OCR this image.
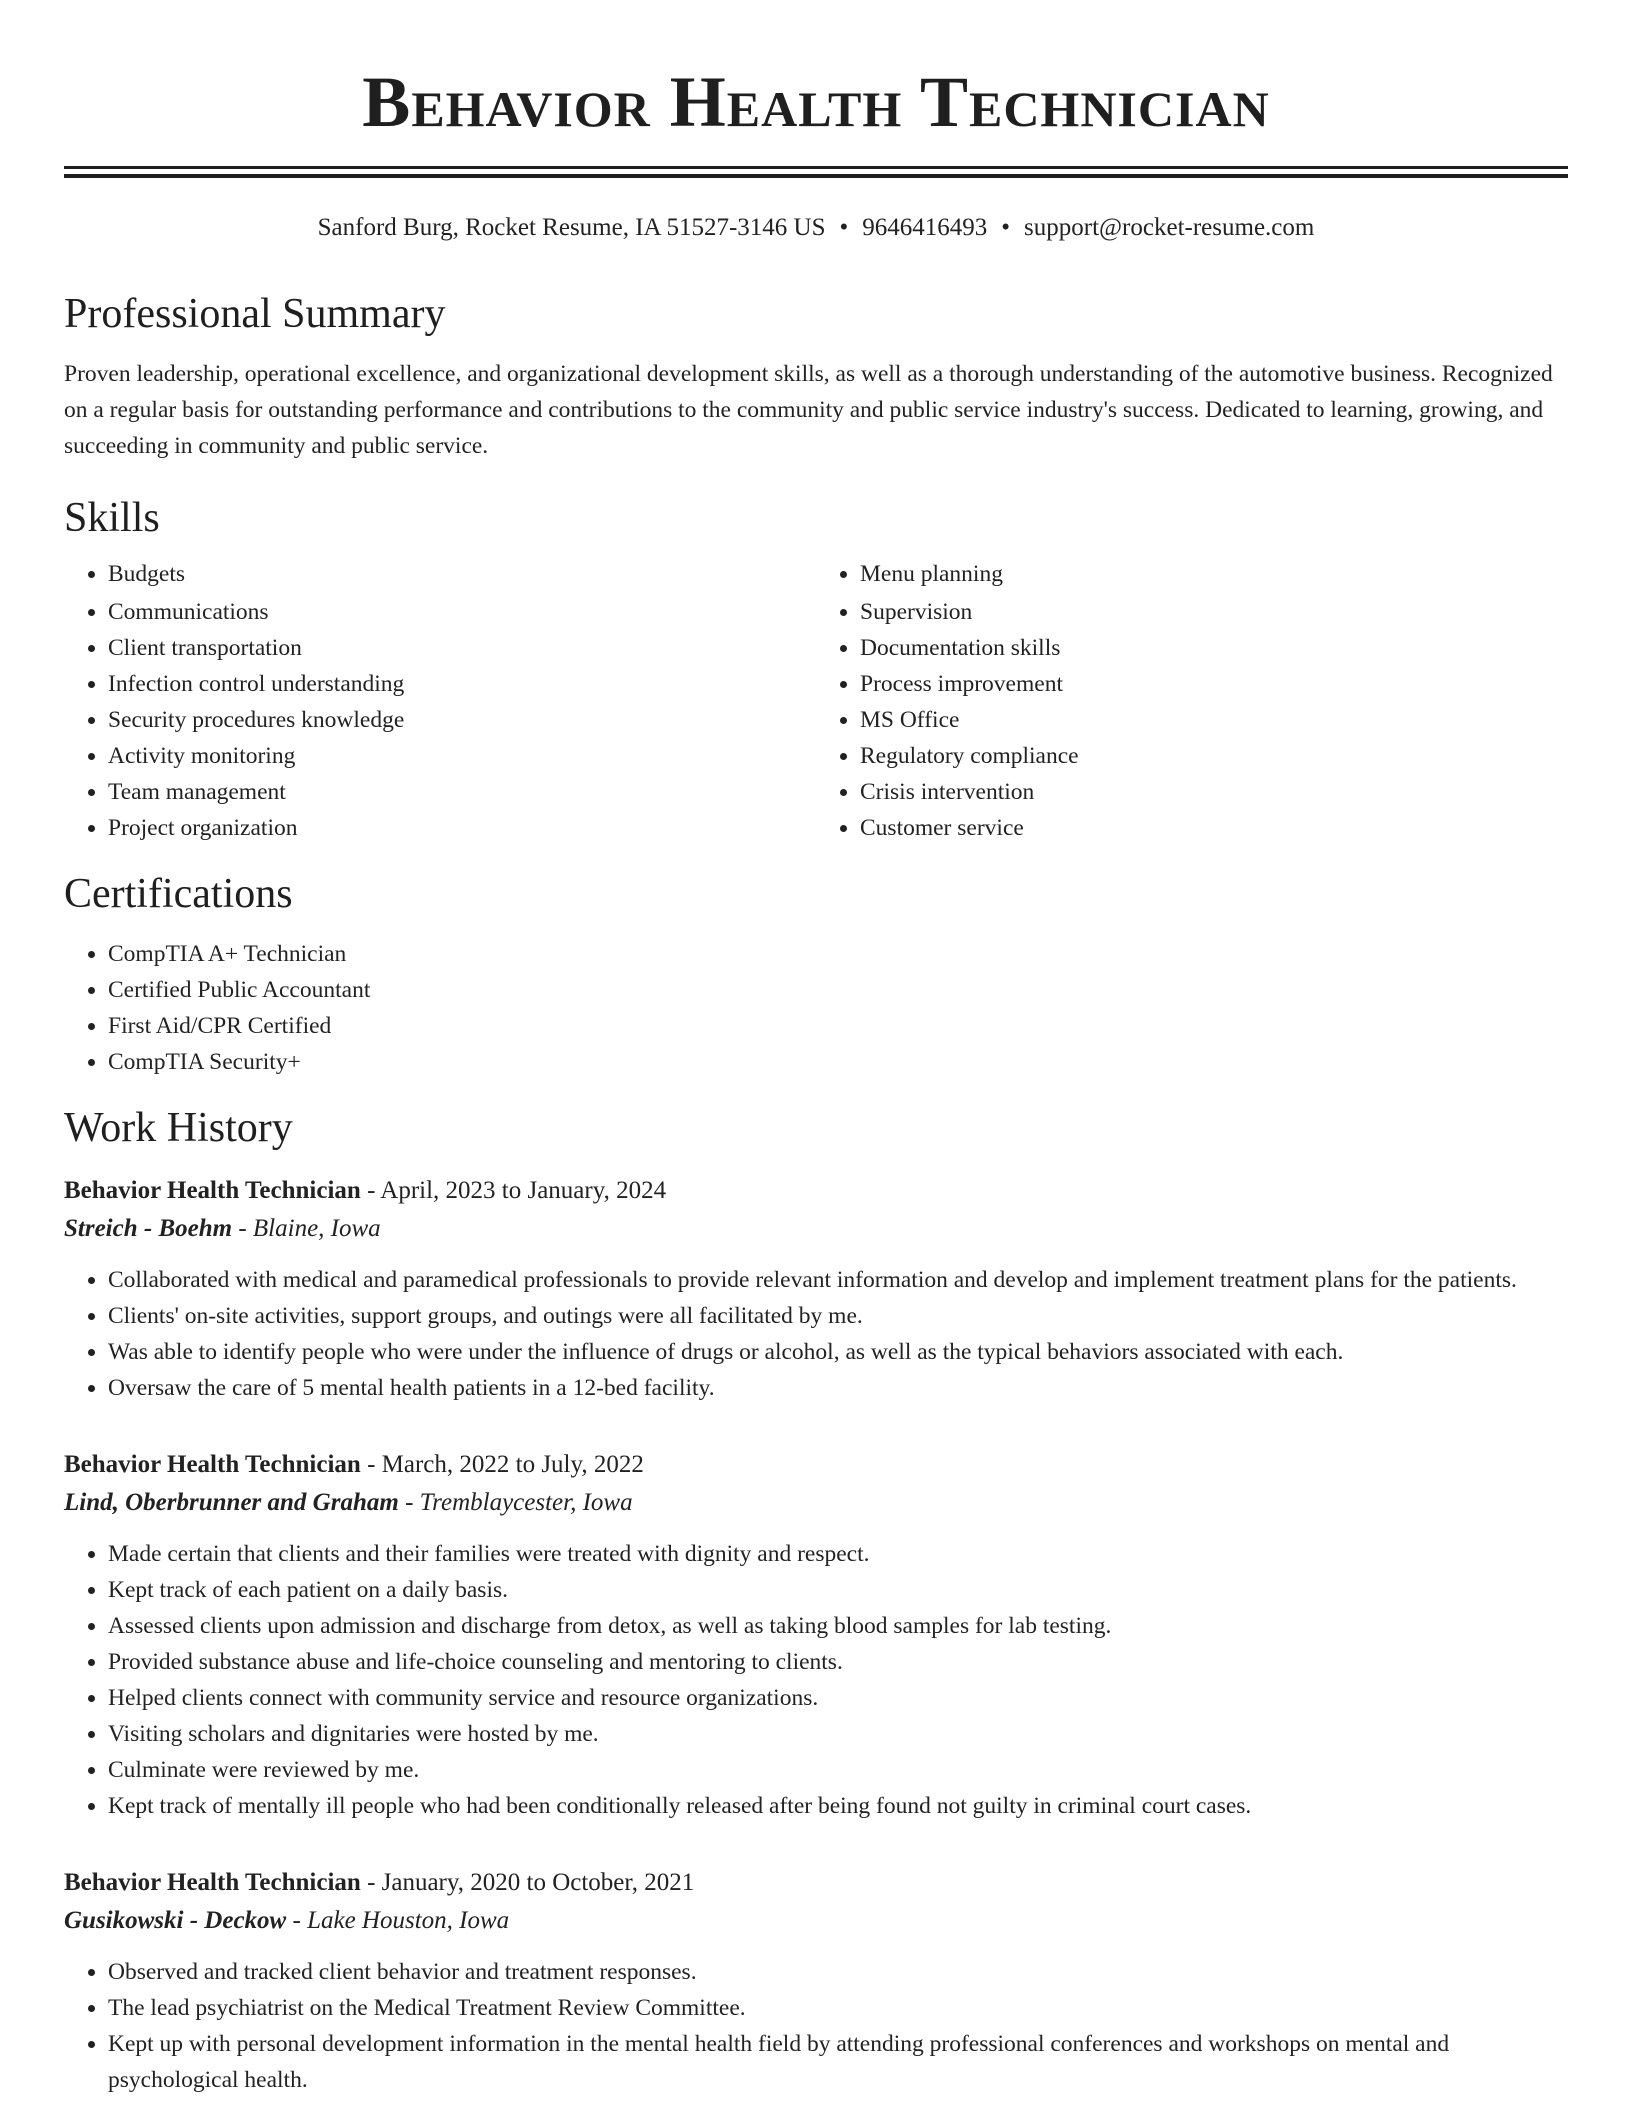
Behavior Health Technician
Sanford Burg, Rocket Resume, IA 51527-3146 US • 9646416493 • support@rocket-resume.com
Professional Summary

Proven leadership, operational excellence, and organizational development skills, as well as a thorough understanding of the automotive business. Recognized on a regular basis for outstanding performance and contributions to the community and public service industry's success. Dedicated to learning, growing, and succeeding in community and public service.

Skills
• Budgets
• Communications
• Client transportation
• Infection control understanding
• Security procedures knowledge
• Activity monitoring
• Team management
• Project organization
• Menu planning
• Supervision
• Documentation skills
• Process improvement
• MS Office
• Regulatory compliance
• Crisis intervention
• Customer service
Certifications
• CompTIA A+ Technician
• Certified Public Accountant
• First Aid/CPR Certified
• CompTIA Security+
Work History
Behavior Health Technician - April, 2023 to January, 2024
Streich - Boehm - Blaine, Iowa
• Collaborated with medical and paramedical professionals to provide relevant information and develop and implement treatment plans for the patients.
• Clients' on-site activities, support groups, and outings were all facilitated by me.
• Was able to identify people who were under the influence of drugs or alcohol, as well as the typical behaviors associated with each.
• Oversaw the care of 5 mental health patients in a 12-bed facility.
Behavior Health Technician - March, 2022 to July, 2022
Lind, Oberbrunner and Graham - Tremblaycester, Iowa
• Made certain that clients and their families were treated with dignity and respect.
• Kept track of each patient on a daily basis.
• Assessed clients upon admission and discharge from detox, as well as taking blood samples for lab testing.
• Provided substance abuse and life-choice counseling and mentoring to clients.
• Helped clients connect with community service and resource organizations.
• Visiting scholars and dignitaries were hosted by me.
• Culminate were reviewed by me.
• Kept track of mentally ill people who had been conditionally released after being found not guilty in criminal court cases.
Behavior Health Technician - January, 2020 to October, 2021
Gusikowski - Deckow - Lake Houston, Iowa
• Observed and tracked client behavior and treatment responses.
• The lead psychiatrist on the Medical Treatment Review Committee.
• Kept up with personal development information in the mental health field by attending professional conferences and workshops on mental and psychological health.
